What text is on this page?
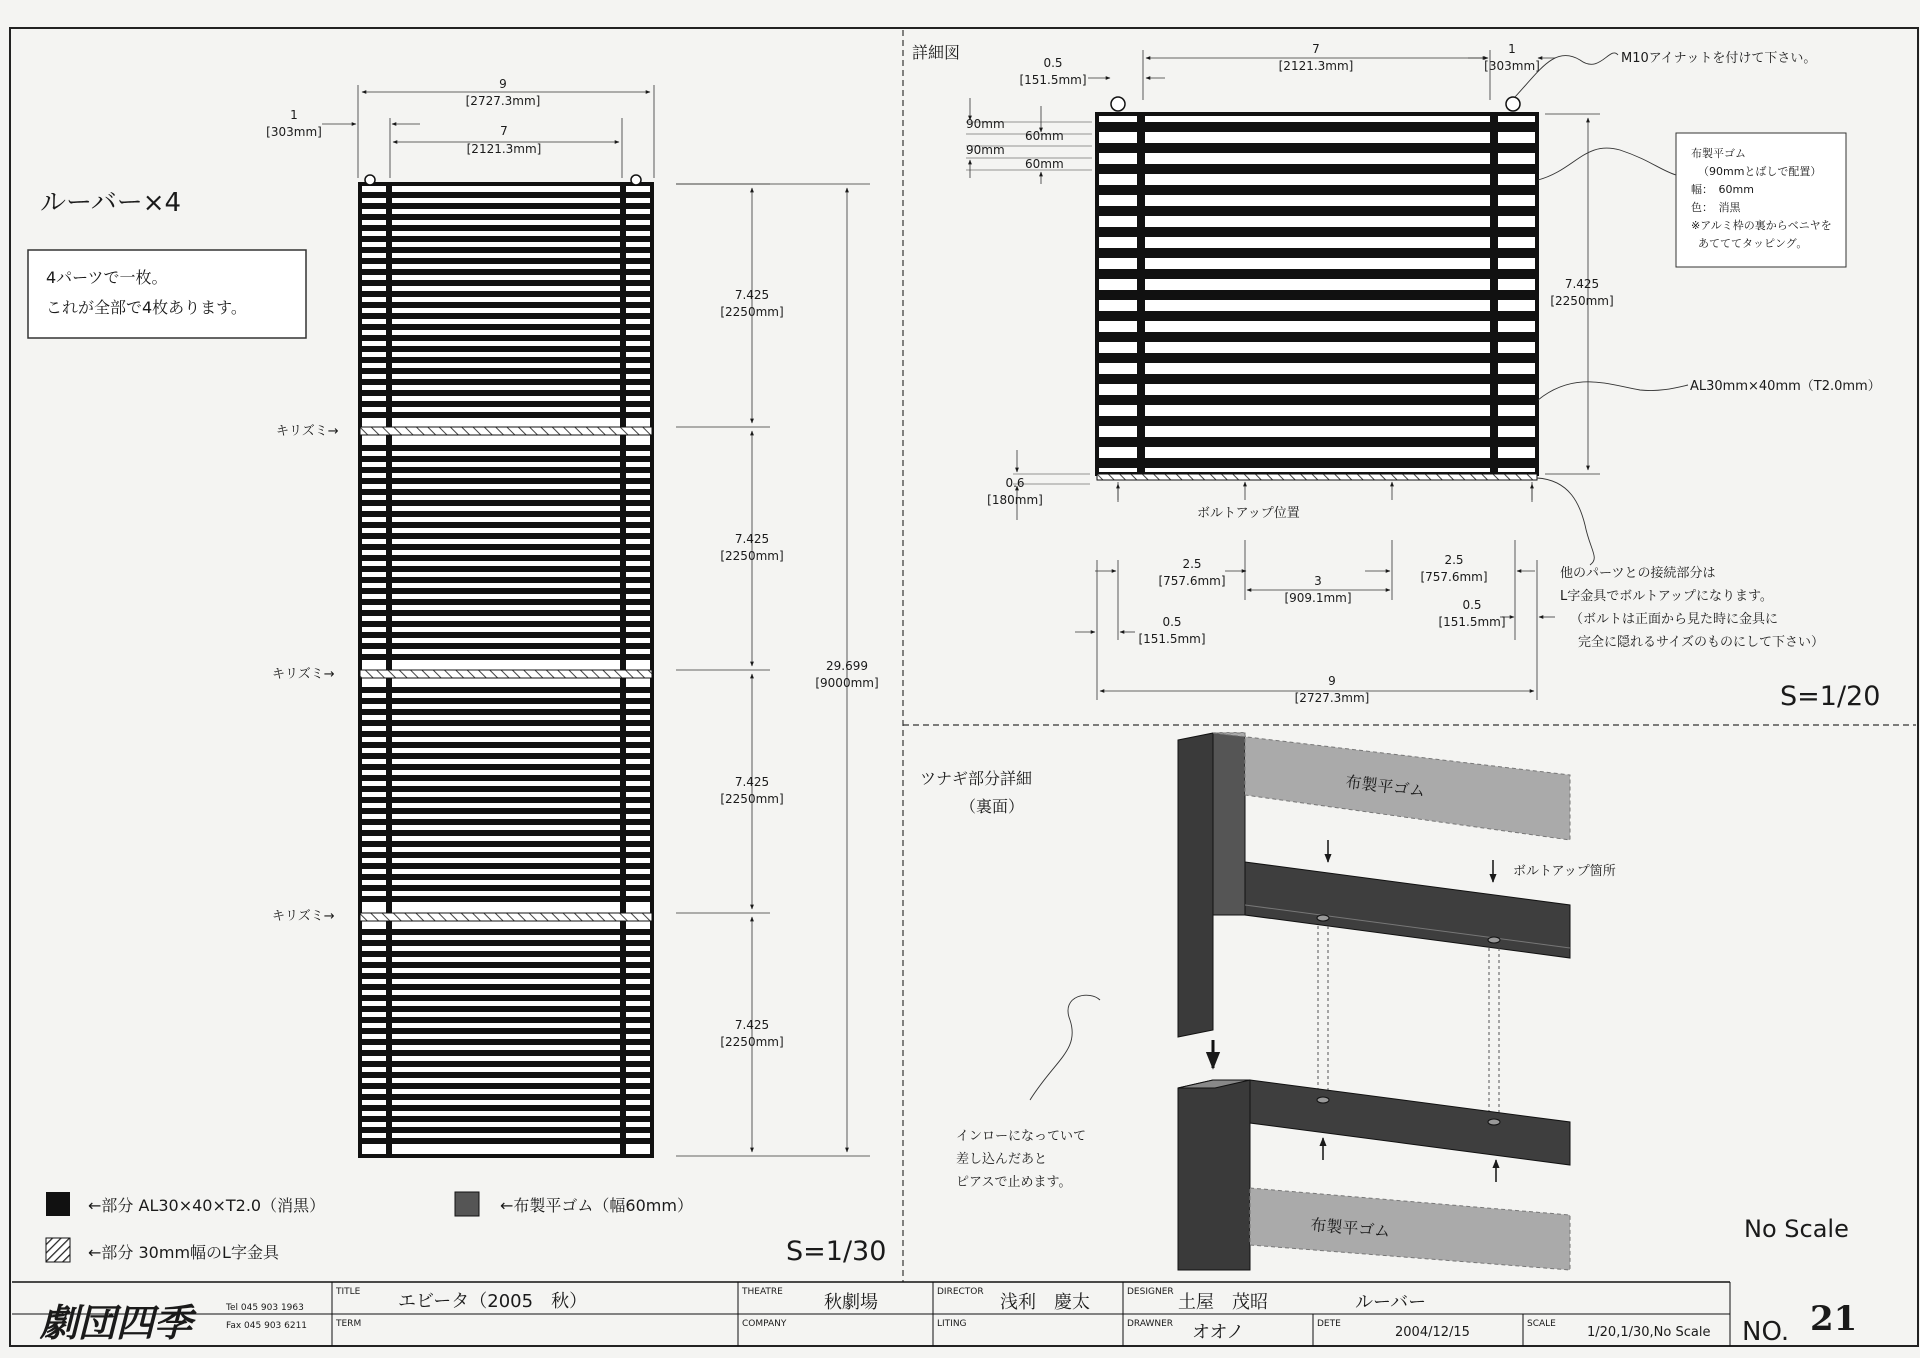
ルーバー×4
4パーツで一枚。
これが全部で4枚あります。
9
[2727.3mm]
7
[2121.3mm]
1
[303mm]
7.425
[2250mm]
7.425
[2250mm]
7.425
[2250mm]
7.425
[2250mm]
29.699
[9000mm]
キリズミ→
キリズミ→
キリズミ→
←部分 AL30×40×T2.0（消黒）	←布製平ゴム（幅60mm）
←部分 30mm幅のL字金具	S=1/30
詳細図	7
[2121.3mm]
0.5
[151.5mm]
1
[303mm]
90mm
60mm
90mm
60mm
7.425
[2250mm]
0.6
[180mm]
ボルトアップ位置
2.5
[757.6mm]	3
[909.1mm]
2.5
[757.6mm]
0.5
[151.5mm]
0.5
[151.5mm]
9
[2727.3mm]
M10アイナットを付けて下さい。
布製平ゴム
（90mmとばしで配置）
幅：　60mm
色：　消黒
※アルミ枠の裏からベニヤを
あてててタッピング。
AL30mm×40mm（T2.0mm）
他のパーツとの接続部分は
L字金具でボルトアップになります。
（ボルトは正面から見た時に金具に
完全に隠れるサイズのものにして下さい）
S=1/20
ツナギ部分詳細
（裏面）
布製平ゴム
ボルトアップ箇所
布製平ゴム
インローになっていて
差し込んだあと
ピアスで止めます。
No Scale
劇団四季	Tel 045 903 1963
Fax 045 903 6211
TITLE エビータ（2005　秋）
TERM
THEATRE 秋劇場
COMPANY
DIRECTOR 浅利　慶太
LITING
DESIGNER 土屋　茂昭
DRAWNER オオノ
ルーバー
DETE
2004/12/15
SCALE
1/20,1/30,No Scale NO. 21
